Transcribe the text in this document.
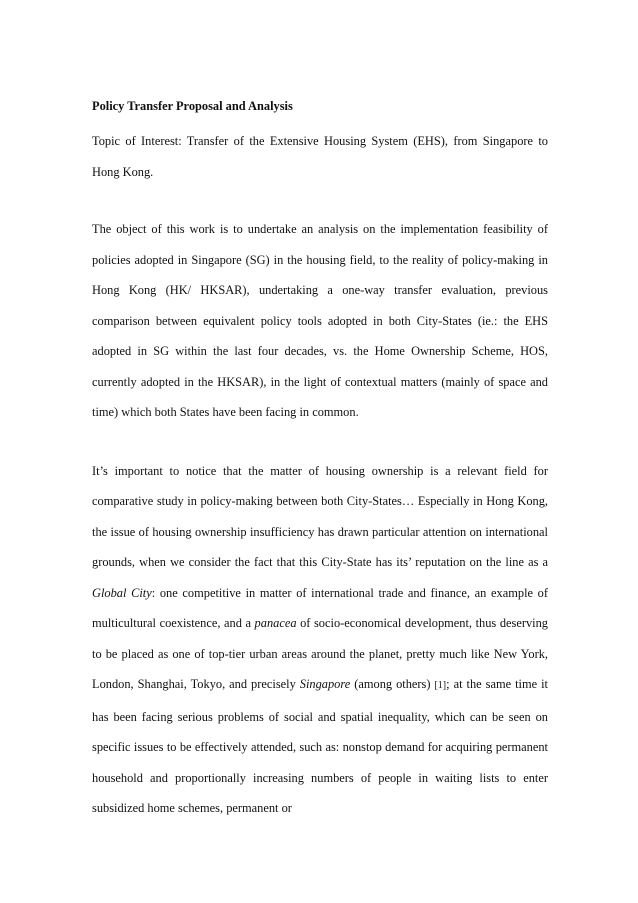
Policy Transfer Proposal and Analysis

Topic of Interest: Transfer of the Extensive Housing System (EHS), from Singapore to Hong Kong.

The object of this work is to undertake an analysis on the implementation feasibility of policies adopted in Singapore (SG) in the housing field, to the reality of policy-making in Hong Kong (HK/ HKSAR), undertaking a one-way transfer evaluation, previous comparison between equivalent policy tools adopted in both City-States (ie.: the EHS adopted in SG within the last four decades, vs. the Home Ownership Scheme, HOS, currently adopted in the HKSAR), in the light of contextual matters (mainly of space and time) which both States have been facing in common.

It’s important to notice that the matter of housing ownership is a relevant field for comparative study in policy-making between both City-States… Especially in Hong Kong, the issue of housing ownership insufficiency has drawn particular attention on international grounds, when we consider the fact that this City-State has its’ reputation on the line as a Global City: one competitive in matter of international trade and finance, an example of multicultural coexistence, and a panacea of socio-economical development, thus deserving to be placed as one of top-tier urban areas around the planet, pretty much like New York, London, Shanghai, Tokyo, and precisely Singapore (among others) [1]; at the same time it has been facing serious problems of social and spatial inequality, which can be seen on specific issues to be effectively attended, such as: nonstop demand for acquiring permanent household and proportionally increasing numbers of people in waiting lists to enter subsidized home schemes, permanent or
